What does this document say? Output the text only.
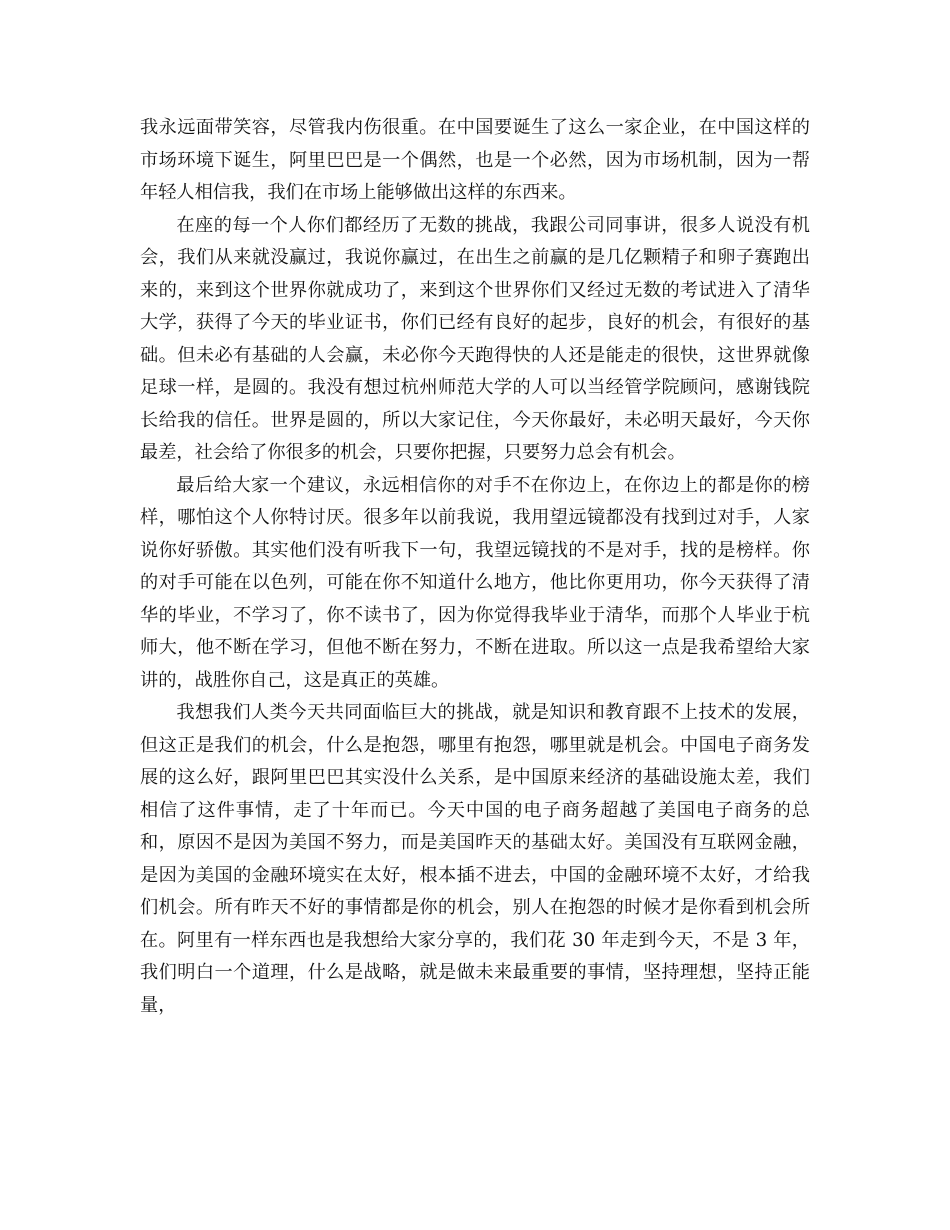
我永远面带笑容，尽管我内伤很重。在中国要诞生了这么一家企业，在中国这样的市场环境下诞生，阿里巴巴是一个偶然，也是一个必然，因为市场机制，因为一帮年轻人相信我，我们在市场上能够做出这样的东西来。

在座的每一个人你们都经历了无数的挑战，我跟公司同事讲，很多人说没有机会，我们从来就没赢过，我说你赢过，在出生之前赢的是几亿颗精子和卵子赛跑出来的，来到这个世界你就成功了，来到这个世界你们又经过无数的考试进入了清华大学，获得了今天的毕业证书，你们已经有良好的起步，良好的机会，有很好的基础。但未必有基础的人会赢，未必你今天跑得快的人还是能走的很快，这世界就像足球一样，是圆的。我没有想过杭州师范大学的人可以当经管学院顾问，感谢钱院长给我的信任。世界是圆的，所以大家记住，今天你最好，未必明天最好，今天你最差，社会给了你很多的机会，只要你把握，只要努力总会有机会。

最后给大家一个建议，永远相信你的对手不在你边上，在你边上的都是你的榜样，哪怕这个人你特讨厌。很多年以前我说，我用望远镜都没有找到过对手，人家说你好骄傲。其实他们没有听我下一句，我望远镜找的不是对手，找的是榜样。你的对手可能在以色列，可能在你不知道什么地方，他比你更用功，你今天获得了清华的毕业，不学习了，你不读书了，因为你觉得我毕业于清华，而那个人毕业于杭师大，他不断在学习，但他不断在努力，不断在进取。所以这一点是我希望给大家讲的，战胜你自己，这是真正的英雄。

我想我们人类今天共同面临巨大的挑战，就是知识和教育跟不上技术的发展，但这正是我们的机会，什么是抱怨，哪里有抱怨，哪里就是机会。中国电子商务发展的这么好，跟阿里巴巴其实没什么关系，是中国原来经济的基础设施太差，我们相信了这件事情，走了十年而已。今天中国的电子商务超越了美国电子商务的总和，原因不是因为美国不努力，而是美国昨天的基础太好。美国没有互联网金融，是因为美国的金融环境实在太好，根本插不进去，中国的金融环境不太好，才给我们机会。所有昨天不好的事情都是你的机会，别人在抱怨的时候才是你看到机会所在。阿里有一样东西也是我想给大家分享的，我们花 30 年走到今天，不是 3 年，我们明白一个道理，什么是战略，就是做未来最重要的事情，坚持理想，坚持正能量，
